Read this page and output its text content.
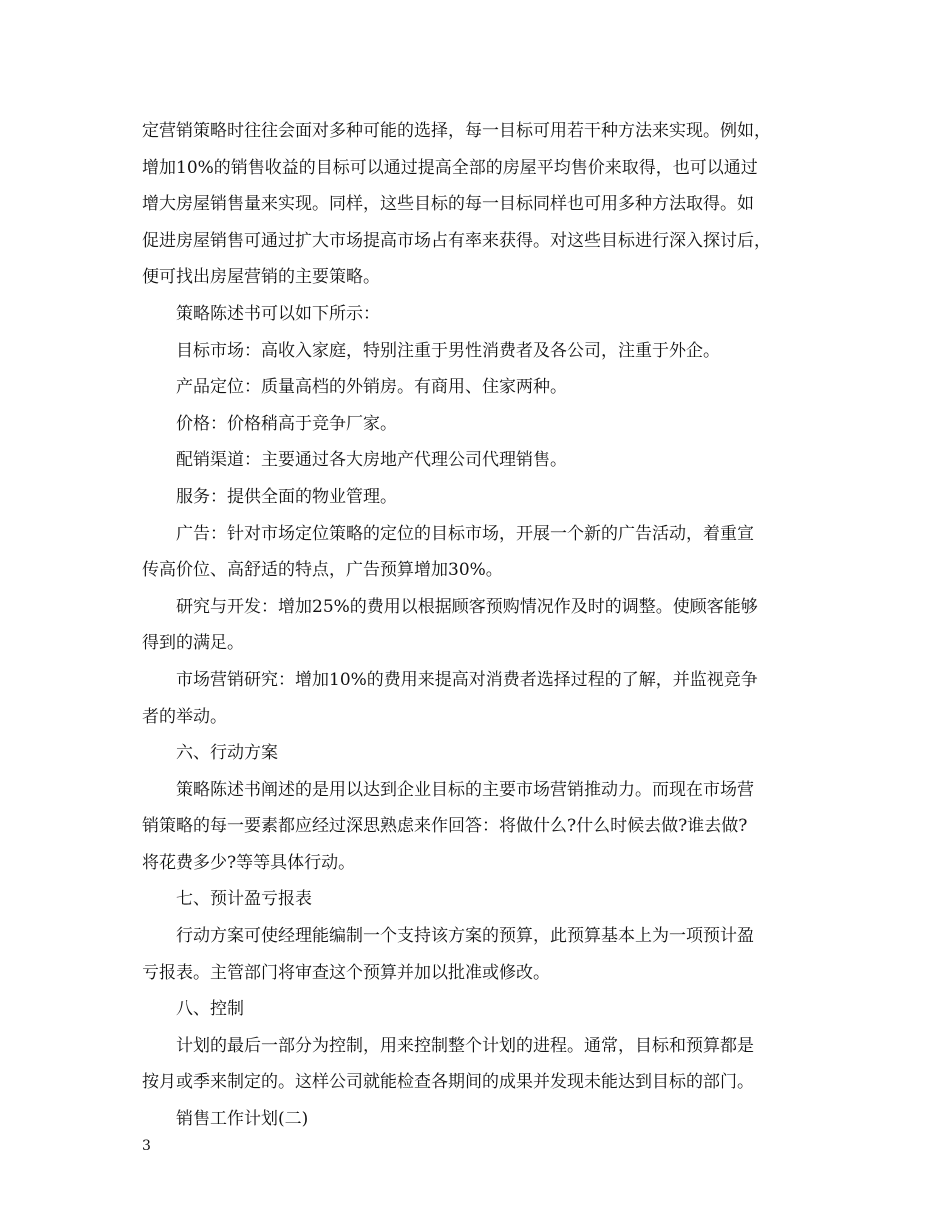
定营销策略时往往会面对多种可能的选择，每一目标可用若干种方法来实现。例如，
增加10%的销售收益的目标可以通过提高全部的房屋平均售价来取得，也可以通过
增大房屋销售量来实现。同样，这些目标的每一目标同样也可用多种方法取得。如
促进房屋销售可通过扩大市场提高市场占有率来获得。对这些目标进行深入探讨后，
便可找出房屋营销的主要策略。
策略陈述书可以如下所示：
目标市场：高收入家庭，特别注重于男性消费者及各公司，注重于外企。
产品定位：质量高档的外销房。有商用、住家两种。
价格：价格稍高于竞争厂家。
配销渠道：主要通过各大房地产代理公司代理销售。
服务：提供全面的物业管理。
广告：针对市场定位策略的定位的目标市场，开展一个新的广告活动，着重宣
传高价位、高舒适的特点，广告预算增加30%。
研究与开发：增加25%的费用以根据顾客预购情况作及时的调整。使顾客能够
得到的满足。
市场营销研究：增加10%的费用来提高对消费者选择过程的了解，并监视竞争
者的举动。
六、行动方案
策略陈述书阐述的是用以达到企业目标的主要市场营销推动力。而现在市场营
销策略的每一要素都应经过深思熟虑来作回答：将做什么?什么时候去做?谁去做?
将花费多少?等等具体行动。
七、预计盈亏报表
行动方案可使经理能编制一个支持该方案的预算，此预算基本上为一项预计盈
亏报表。主管部门将审查这个预算并加以批准或修改。
八、控制
计划的最后一部分为控制，用来控制整个计划的进程。通常，目标和预算都是
按月或季来制定的。这样公司就能检查各期间的成果并发现未能达到目标的部门。
销售工作计划(二)
3
